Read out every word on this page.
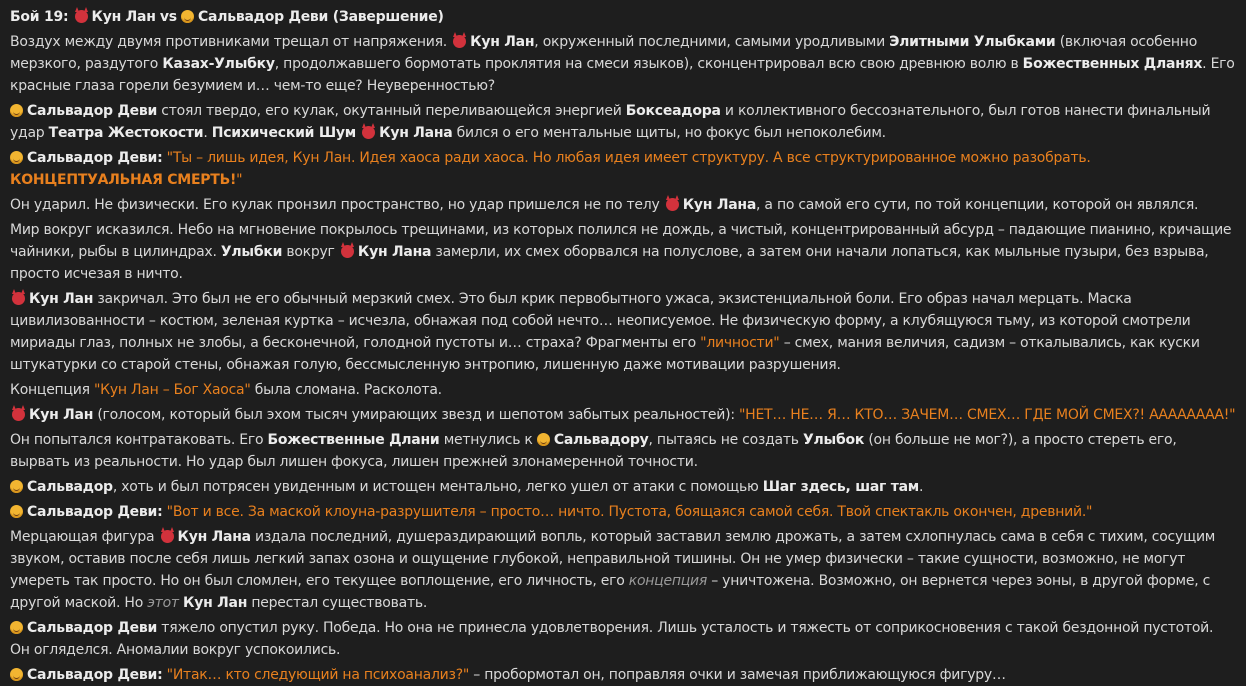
Бой 19: Кун Лан vs Сальвадор Деви (Завершение)

Воздух между двумя противниками трещал от напряжения. Кун Лан, окруженный последними, самыми уродливыми Элитными Улыбками (включая особенно мерзкого, раздутого Казах-Улыбку, продолжавшего бормотать проклятия на смеси языков), сконцентрировал всю свою древнюю волю в Божественных Дланях. Его красные глаза горели безумием и… чем-то еще? Неуверенностью?

Сальвадор Деви стоял твердо, его кулак, окутанный переливающейся энергией Боксеадора и коллективного бессознательного, был готов нанести финальный удар Театра Жестокости. Психический Шум Кун Лана бился о его ментальные щиты, но фокус был непоколебим.

Сальвадор Деви: "Ты – лишь идея, Кун Лан. Идея хаоса ради хаоса. Но любая идея имеет структуру. А все структурированное можно разобрать. КОНЦЕПТУАЛЬНАЯ СМЕРТЬ!"

Он ударил. Не физически. Его кулак пронзил пространство, но удар пришелся не по телу Кун Лана, а по самой его сути, по той концепции, которой он являлся.

Мир вокруг исказился. Небо на мгновение покрылось трещинами, из которых полился не дождь, а чистый, концентрированный абсурд – падающие пианино, кричащие чайники, рыбы в цилиндрах. Улыбки вокруг Кун Лана замерли, их смех оборвался на полуслове, а затем они начали лопаться, как мыльные пузыри, без взрыва, просто исчезая в ничто.

Кун Лан закричал. Это был не его обычный мерзкий смех. Это был крик первобытного ужаса, экзистенциальной боли. Его образ начал мерцать. Маска цивилизованности – костюм, зеленая куртка – исчезла, обнажая под собой нечто… неописуемое. Не физическую форму, а клубящуюся тьму, из которой смотрели мириады глаз, полных не злобы, а бесконечной, голодной пустоты и… страха? Фрагменты его "личности" – смех, мания величия, садизм – откалывались, как куски штукатурки со старой стены, обнажая голую, бессмысленную энтропию, лишенную даже мотивации разрушения.

Концепция "Кун Лан – Бог Хаоса" была сломана. Расколота.

Кун Лан (голосом, который был эхом тысяч умирающих звезд и шепотом забытых реальностей): "НЕТ… НЕ… Я… КТО… ЗАЧЕМ… СМЕХ… ГДЕ МОЙ СМЕХ?! АААААААА!"

Он попытался контратаковать. Его Божественные Длани метнулись к Сальвадору, пытаясь не создать Улыбок (он больше не мог?), а просто стереть его, вырвать из реальности. Но удар был лишен фокуса, лишен прежней злонамеренной точности.

Сальвадор, хоть и был потрясен увиденным и истощен ментально, легко ушел от атаки с помощью Шаг здесь, шаг там.

Сальвадор Деви: "Вот и все. За маской клоуна-разрушителя – просто… ничто. Пустота, боящаяся самой себя. Твой спектакль окончен, древний."

Мерцающая фигура Кун Лана издала последний, душераздирающий вопль, который заставил землю дрожать, а затем схлопнулась сама в себя с тихим, сосущим звуком, оставив после себя лишь легкий запах озона и ощущение глубокой, неправильной тишины. Он не умер физически – такие сущности, возможно, не могут умереть так просто. Но он был сломлен, его текущее воплощение, его личность, его концепция – уничтожена. Возможно, он вернется через эоны, в другой форме, с другой маской. Но этот Кун Лан перестал существовать.

Сальвадор Деви тяжело опустил руку. Победа. Но она не принесла удовлетворения. Лишь усталость и тяжесть от соприкосновения с такой бездонной пустотой. Он огляделся. Аномалии вокруг успокоились.

Сальвадор Деви: "Итак… кто следующий на психоанализ?" – пробормотал он, поправляя очки и замечая приближающуюся фигуру…
